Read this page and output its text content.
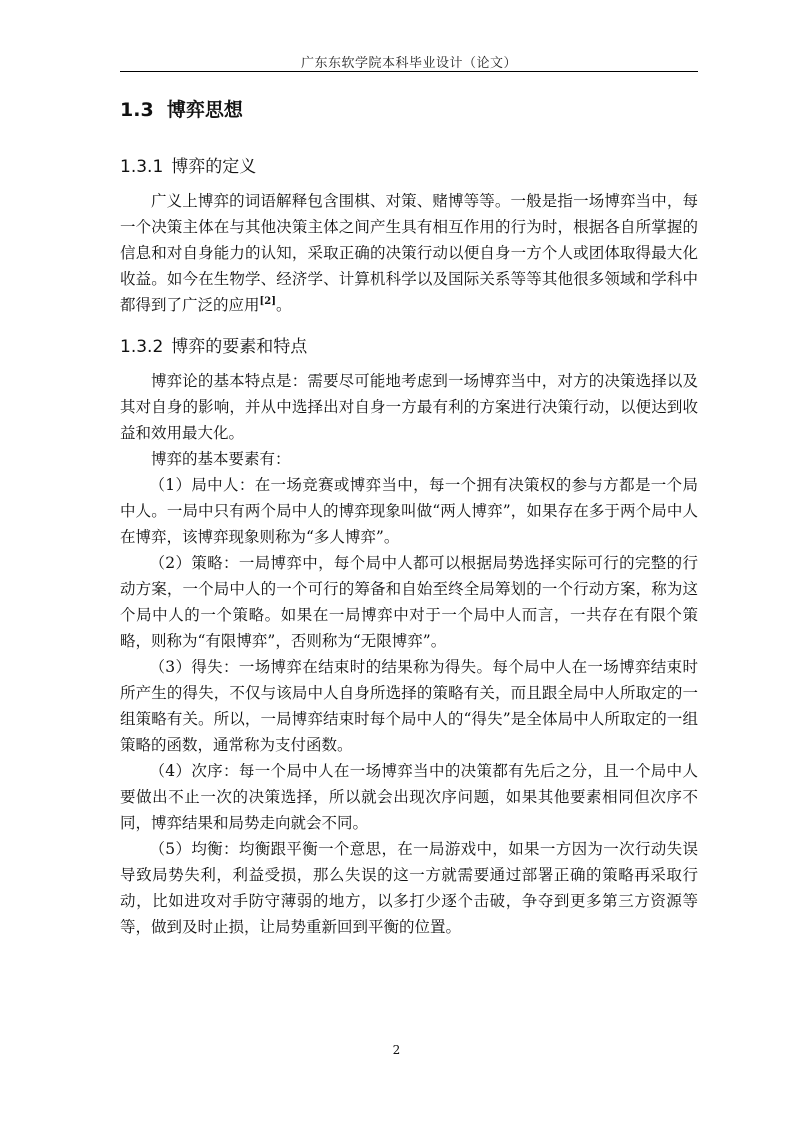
广东东软学院本科毕业设计（论文）
1.3 博弈思想
1.3.1 博弈的定义

广义上博弈的词语解释包含围棋、对策、赌博等等。一般是指一场博弈当中，每一个决策主体在与其他决策主体之间产生具有相互作用的行为时，根据各自所掌握的信息和对自身能力的认知，采取正确的决策行动以便自身一方个人或团体取得最大化收益。如今在生物学、经济学、计算机科学以及国际关系等等其他很多领域和学科中都得到了广泛的应用[2]。

1.3.2 博弈的要素和特点

博弈论的基本特点是：需要尽可能地考虑到一场博弈当中，对方的决策选择以及其对自身的影响，并从中选择出对自身一方最有利的方案进行决策行动，以便达到收益和效用最大化。

博弈的基本要素有：

（1）局中人：在一场竞赛或博弈当中，每一个拥有决策权的参与方都是一个局中人。一局中只有两个局中人的博弈现象叫做“两人博弈”，如果存在多于两个局中人在博弈，该博弈现象则称为“多人博弈”。

（2）策略：一局博弈中，每个局中人都可以根据局势选择实际可行的完整的行动方案，一个局中人的一个可行的筹备和自始至终全局筹划的一个行动方案，称为这个局中人的一个策略。如果在一局博弈中对于一个局中人而言，一共存在有限个策略，则称为“有限博弈”，否则称为“无限博弈”。

（3）得失：一场博弈在结束时的结果称为得失。每个局中人在一场博弈结束时所产生的得失，不仅与该局中人自身所选择的策略有关，而且跟全局中人所取定的一组策略有关。所以，一局博弈结束时每个局中人的“得失”是全体局中人所取定的一组策略的函数，通常称为支付函数。

（4）次序：每一个局中人在一场博弈当中的决策都有先后之分，且一个局中人要做出不止一次的决策选择，所以就会出现次序问题，如果其他要素相同但次序不同，博弈结果和局势走向就会不同。

（5）均衡：均衡跟平衡一个意思，在一局游戏中，如果一方因为一次行动失误导致局势失利，利益受损，那么失误的这一方就需要通过部署正确的策略再采取行动，比如进攻对手防守薄弱的地方，以多打少逐个击破，争夺到更多第三方资源等等，做到及时止损，让局势重新回到平衡的位置。

2
